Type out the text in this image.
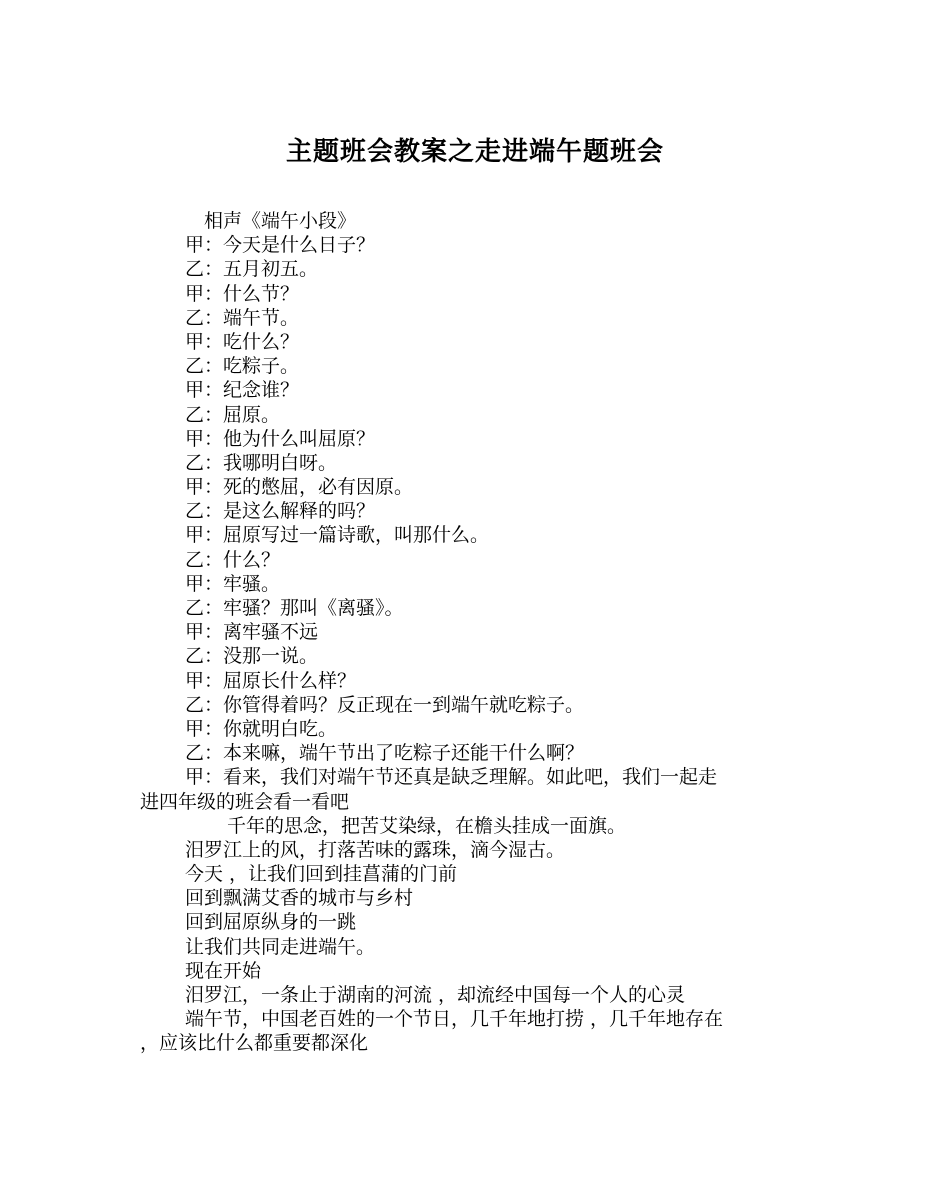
主题班会教案之走进端午题班会
相声《端午小段》
甲：今天是什么日子？
乙：五月初五。
甲：什么节？
乙：端午节。
甲：吃什么？
乙：吃粽子。
甲：纪念谁？
乙：屈原。
甲：他为什么叫屈原？
乙：我哪明白呀。
甲：死的憋屈，必有因原。
乙：是这么解释的吗？
甲：屈原写过一篇诗歌，叫那什么。
乙：什么？
甲：牢骚。
乙：牢骚？那叫《离骚》。
甲：离牢骚不远
乙：没那一说。
甲：屈原长什么样？
乙：你管得着吗？反正现在一到端午就吃粽子。
甲：你就明白吃。
乙：本来嘛，端午节出了吃粽子还能干什么啊？
甲：看来，我们对端午节还真是缺乏理解。如此吧，我们一起走
进四年级的班会看一看吧
千年的思念，把苦艾染绿，在檐头挂成一面旗。
汨罗江上的风，打落苦味的露珠，滴今湿古。
今天 ，让我们回到挂菖蒲的门前
回到飘满艾香的城市与乡村
回到屈原纵身的一跳
让我们共同走进端午。
现在开始
汨罗江，一条止于湖南的河流 ，却流经中国每一个人的心灵
端午节，中国老百姓的一个节日，几千年地打捞 ，几千年地存在
，应该比什么都重要都深化
